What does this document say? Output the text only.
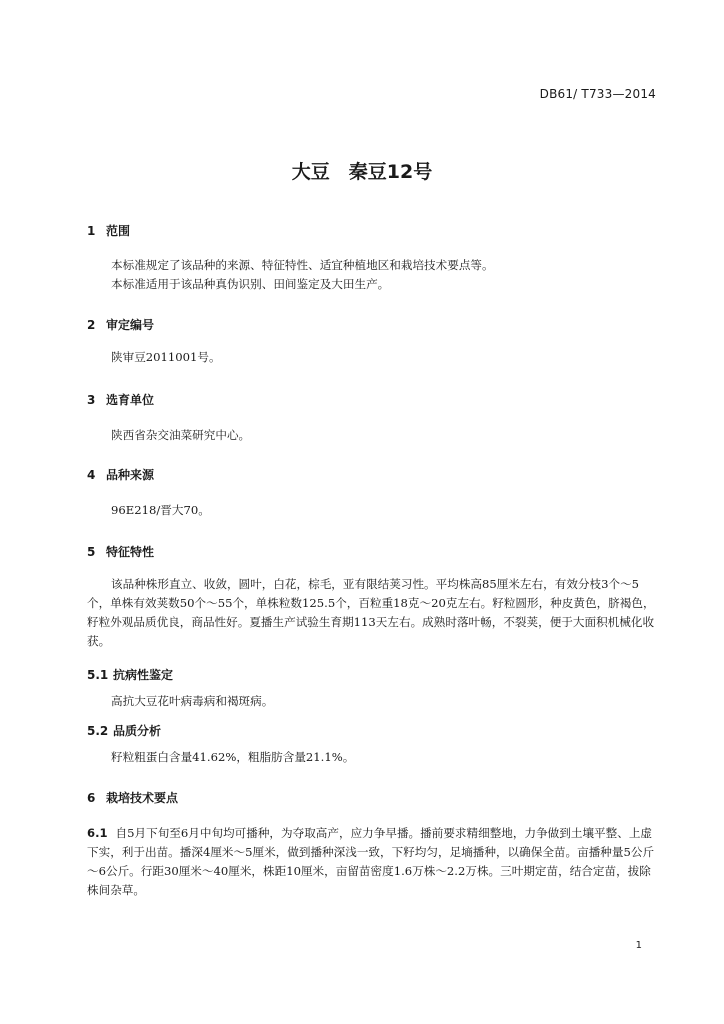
DB61/ T733—2014
大豆　秦豆12号
1 范围
本标准规定了该品种的来源、特征特性、适宜种植地区和栽培技术要点等。
本标准适用于该品种真伪识别、田间鉴定及大田生产。
2 审定编号
陕审豆2011001号。
3 选育单位
陕西省杂交油菜研究中心。
4 品种来源
96E218/晋大70。
5 特征特性
该品种株形直立、收敛，圆叶，白花，棕毛，亚有限结荚习性。平均株高85厘米左右，有效分枝3个～5个，单株有效荚数50个～55个，单株粒数125.5个，百粒重18克～20克左右。籽粒圆形，种皮黄色，脐褐色，籽粒外观品质优良，商品性好。夏播生产试验生育期113天左右。成熟时落叶畅，不裂荚，便于大面积机械化收获。
5.1 抗病性鉴定
高抗大豆花叶病毒病和褐斑病。
5.2 品质分析
籽粒粗蛋白含量41.62%，粗脂肪含量21.1%。
6 栽培技术要点
6.1 自5月下旬至6月中旬均可播种，为夺取高产，应力争早播。播前要求精细整地，力争做到土壤平整、上虚下实，利于出苗。播深4厘米～5厘米，做到播种深浅一致，下籽均匀，足墒播种，以确保全苗。亩播种量5公斤～6公斤。行距30厘米～40厘米，株距10厘米，亩留苗密度1.6万株～2.2万株。三叶期定苗，结合定苗，拔除株间杂草。
1
